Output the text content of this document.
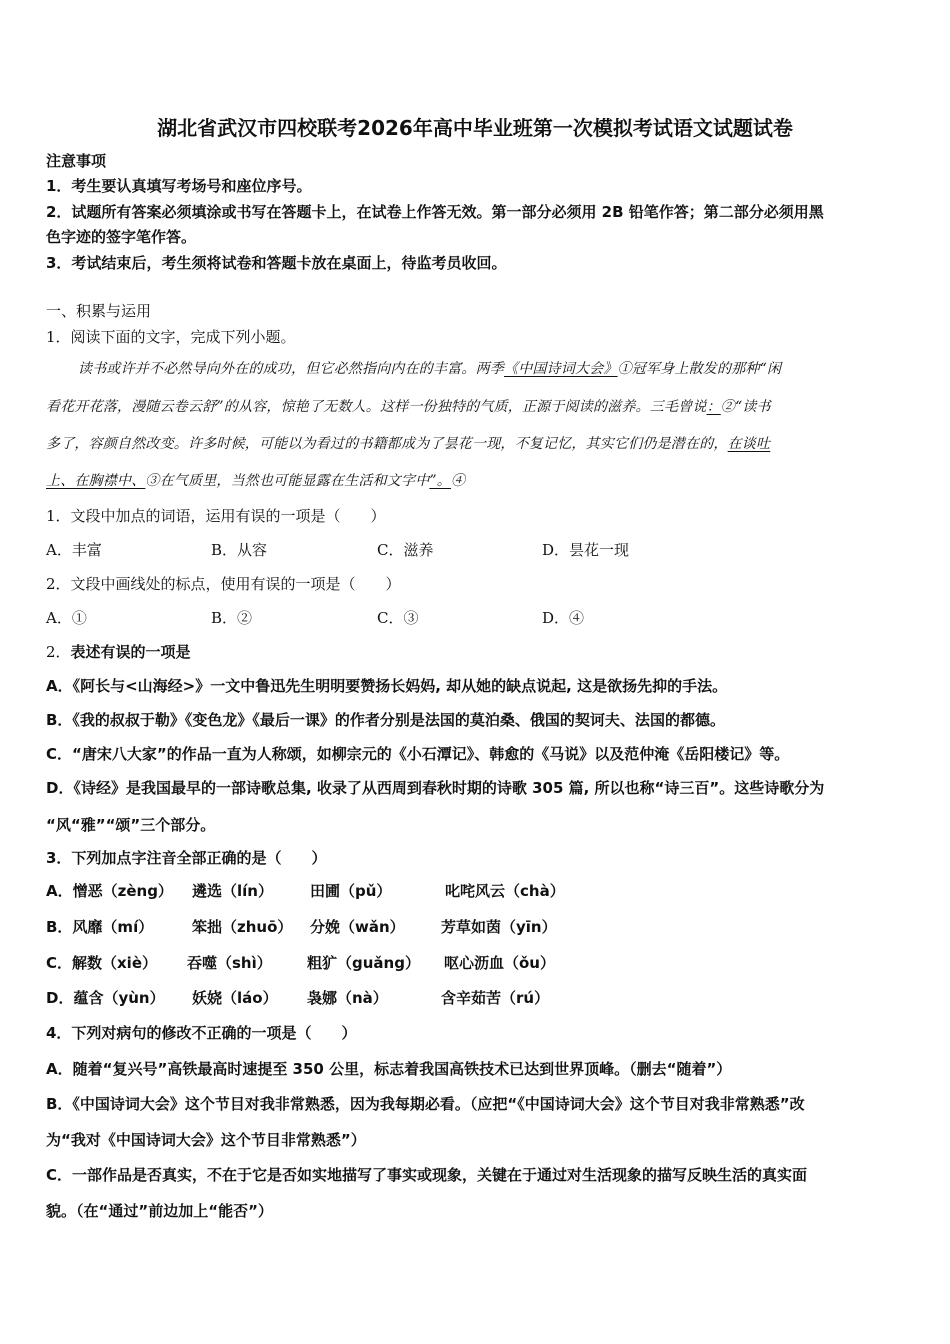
湖北省武汉市四校联考2026年高中毕业班第一次模拟考试语文试题试卷
注意事项
1．考生要认真填写考场号和座位序号。
2．试题所有答案必须填涂或书写在答题卡上，在试卷上作答无效。第一部分必须用 2B 铅笔作答；第二部分必须用黑
色字迹的签字笔作答。
3．考试结束后，考生须将试卷和答题卡放在桌面上，待监考员收回。
一、积累与运用
1．阅读下面的文字，完成下列小题。
读书或许并不必然导向外在的成功，但它必然指向内在的丰富。两季《中国诗词大会》①冠军身上散发的那种“闲
看花开花落，漫随云卷云舒”的从容，惊艳了无数人。这样一份独特的气质，正源于阅读的滋养。三毛曾说：②“读书
多了，容颜自然改变。许多时候，可能以为看过的书籍都成为了昙花一现，不复记忆，其实它们仍是潜在的，在谈吐
上、在胸襟中、③在气质里，当然也可能显露在生活和文字中”。④
1．文段中加点的词语，运用有误的一项是（　　）
A．丰富	B．从容	C．滋养	D．昙花一现
2．文段中画线处的标点，使用有误的一项是（　　）
A．①	B．②	C．③	D．④
2．表述有误的一项是
A．《阿长与<山海经>》一文中鲁迅先生明明要赞扬长妈妈, 却从她的缺点说起, 这是欲扬先抑的手法。
B．《我的叔叔于勒》《变色龙》《最后一课》的作者分别是法国的莫泊桑、俄国的契诃夫、法国的都德。
C．“唐宋八大家”的作品一直为人称颂，如柳宗元的《小石潭记》、韩愈的《马说》以及范仲淹《岳阳楼记》等。
D．《诗经》是我国最早的一部诗歌总集, 收录了从西周到春秋时期的诗歌 305 篇, 所以也称“诗三百”。这些诗歌分为
“风“雅”“颂”三个部分。
3．下列加点字注音全部正确的是（　　）
A．憎恶（zèng） 遴选（lín） 田圃（pǔ）	叱咤风云（chà）
B．风靡（mí）	笨拙（zhuō） 分娩（wǎn） 芳草如茵（yīn）
C．解数（xiè） 吞噬（shì） 粗犷（guǎng） 呕心沥血（ǒu）
D．蕴含（yùn） 妖娆（láo） 袅娜（nà）	含辛茹苦（rú）
4．下列对病句的修改不正确的一项是（　　）
A．随着“复兴号”高铁最高时速提至 350 公里，标志着我国高铁技术已达到世界顶峰。（删去“随着”）
B．《中国诗词大会》这个节目对我非常熟悉，因为我每期必看。（应把“《中国诗词大会》这个节目对我非常熟悉”改
为“我对《中国诗词大会》这个节目非常熟悉”）
C．一部作品是否真实，不在于它是否如实地描写了事实或现象，关键在于通过对生活现象的描写反映生活的真实面
貌。（在“通过”前边加上“能否”）
